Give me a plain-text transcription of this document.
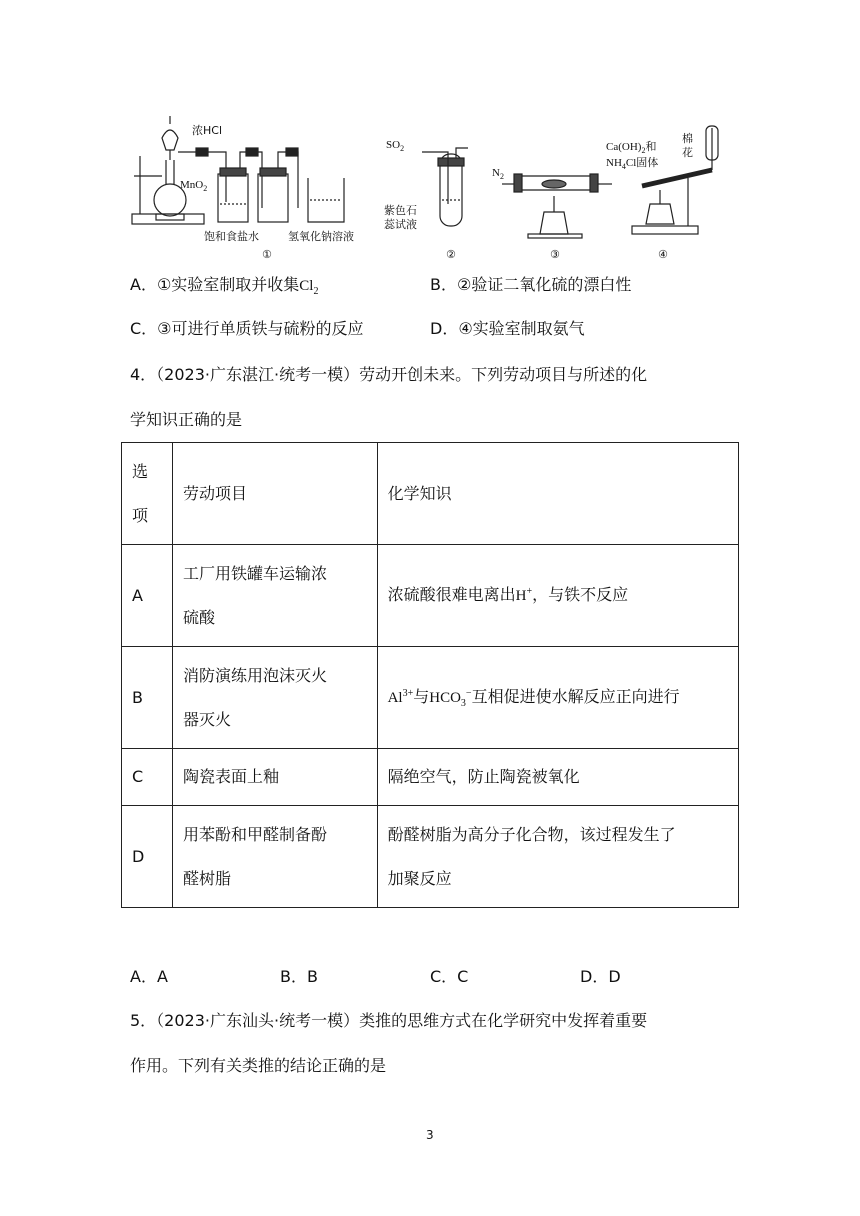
浓HCl
MnO$_2$
饱和食盐水	氢氧化钠溶液
$SO_2$
紫色石
蕊试液
$N_2$
$Ca(OH)_2$和
$NH_4Cl$固体
棉
花
①	②	③	④
A．①实验室制取并收集$Cl_2$	B．②验证二氧化硫的漂白性
C．③可进行单质铁与硫粉的反应	D．④实验室制取氨气
4．（2023·广东湛江·统考一模）劳动开创未来。下列劳动项目与所述的化
学知识正确的是
选
项	劳动项目	化学知识
A	工厂用铁罐车运输浓
硫酸	浓硫酸很难电离出H+，与铁不反应
B	消防演练用泡沫灭火
器灭火	$Al^{3+}$与$HCO_3^-$互相促进使水解反应正向进行
C	陶瓷表面上釉	隔绝空气，防止陶瓷被氧化
D	用苯酚和甲醛制备酚
醛树脂	酚醛树脂为高分子化合物，该过程发生了
加聚反应
A．A	B．B	C．C	D．D
5．（2023·广东汕头·统考一模）类推的思维方式在化学研究中发挥着重要
作用。下列有关类推的结论正确的是
3
